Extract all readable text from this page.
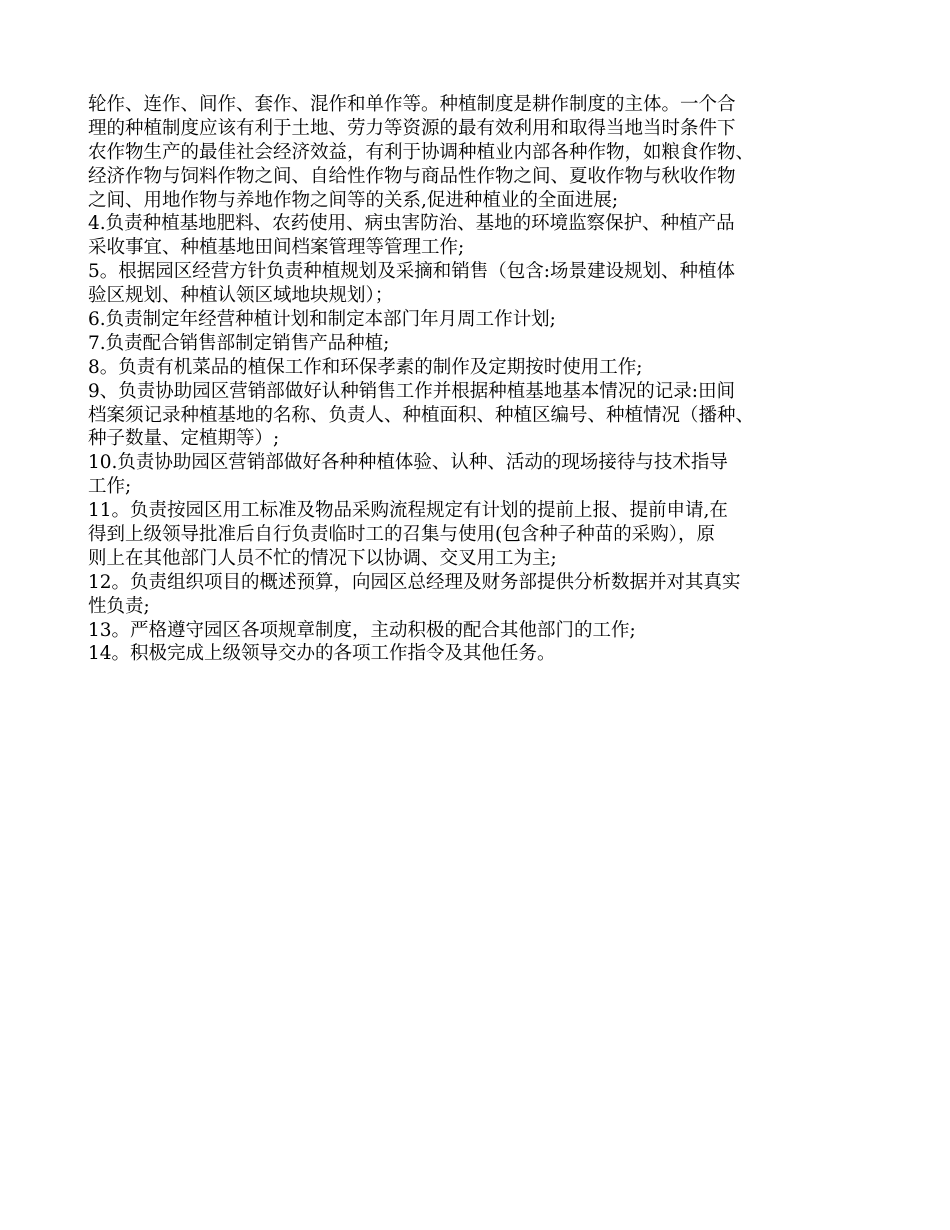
轮作、连作、间作、套作、混作和单作等。种植制度是耕作制度的主体。一个合
理的种植制度应该有利于土地、劳力等资源的最有效利用和取得当地当时条件下
农作物生产的最佳社会经济效益，有利于协调种植业内部各种作物，如粮食作物、
经济作物与饲料作物之间、自给性作物与商品性作物之间、夏收作物与秋收作物
之间、用地作物与养地作物之间等的关系,促进种植业的全面进展;

4.负责种植基地肥料、农药使用、病虫害防治、基地的环境监察保护、种植产品
采收事宜、种植基地田间档案管理等管理工作;

5。根据园区经营方针负责种植规划及采摘和销售（包含:场景建设规划、种植体
验区规划、种植认领区域地块规划）；

6.负责制定年经营种植计划和制定本部门年月周工作计划;

7.负责配合销售部制定销售产品种植;

8。负责有机菜品的植保工作和环保孝素的制作及定期按时使用工作;

9、负责协助园区营销部做好认种销售工作并根据种植基地基本情况的记录:田间
档案须记录种植基地的名称、负责人、种植面积、种植区编号、种植情况（播种、
种子数量、定植期等）;

10.负责协助园区营销部做好各种种植体验、认种、活动的现场接待与技术指导
工作;

11。负责按园区用工标准及物品采购流程规定有计划的提前上报、提前申请,在
得到上级领导批准后自行负责临时工的召集与使用(包含种子种苗的采购），原
则上在其他部门人员不忙的情况下以协调、交叉用工为主;

12。负责组织项目的概述预算，向园区总经理及财务部提供分析数据并对其真实
性负责;

13。严格遵守园区各项规章制度，主动积极的配合其他部门的工作;

14。积极完成上级领导交办的各项工作指令及其他任务。
